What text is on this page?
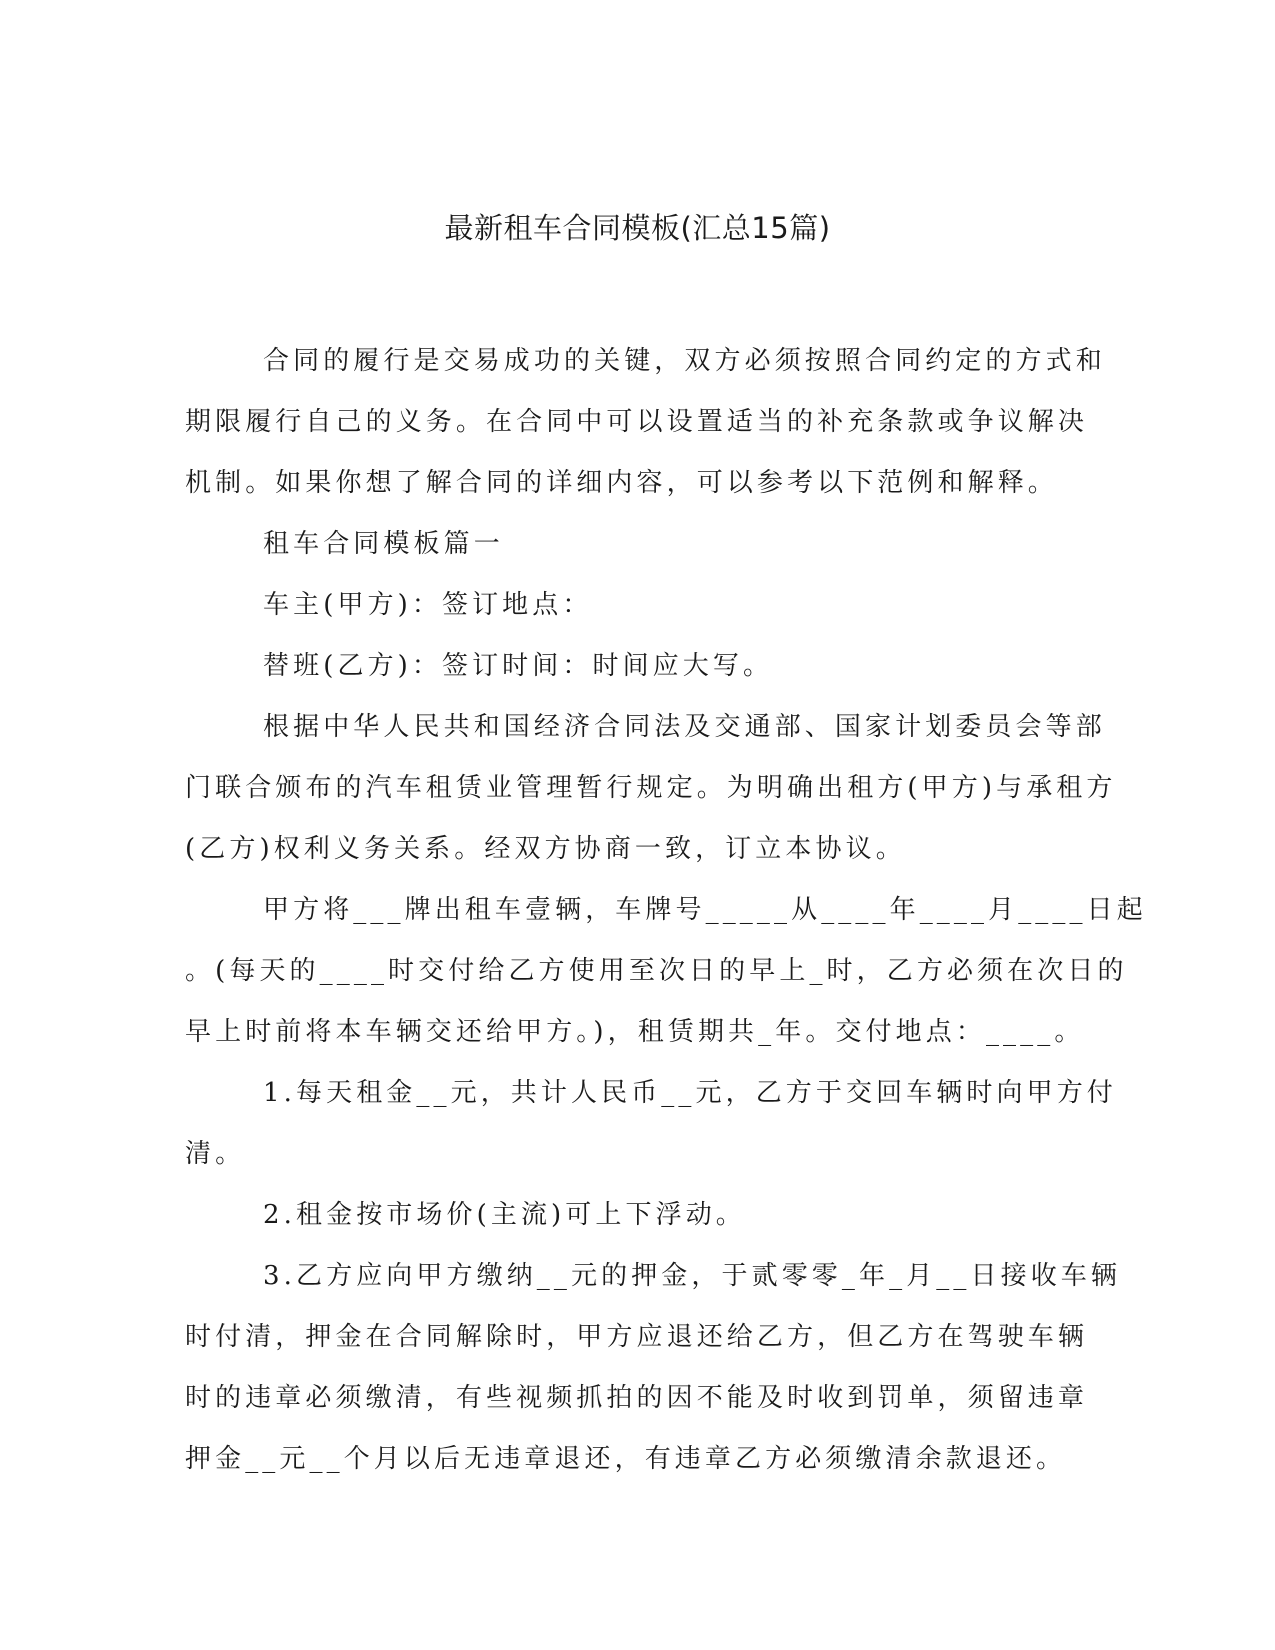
最新租车合同模板(汇总15篇)

合同的履行是交易成功的关键，双方必须按照合同约定的方式和
期限履行自己的义务。在合同中可以设置适当的补充条款或争议解决
机制。如果你想了解合同的详细内容，可以参考以下范例和解释。

租车合同模板篇一

车主(甲方)：签订地点：

替班(乙方)：签订时间：时间应大写。

根据中华人民共和国经济合同法及交通部、国家计划委员会等部
门联合颁布的汽车租赁业管理暂行规定。为明确出租方(甲方)与承租方
(乙方)权利义务关系。经双方协商一致，订立本协议。

甲方将___牌出租车壹辆，车牌号_____从____年____月____日起
。(每天的____时交付给乙方使用至次日的早上_时，乙方必须在次日的
早上时前将本车辆交还给甲方。)，租赁期共_年。交付地点：____。

1.每天租金__元，共计人民币__元，乙方于交回车辆时向甲方付
清。

2.租金按市场价(主流)可上下浮动。

3.乙方应向甲方缴纳__元的押金，于贰零零_年_月__日接收车辆
时付清，押金在合同解除时，甲方应退还给乙方，但乙方在驾驶车辆
时的违章必须缴清，有些视频抓拍的因不能及时收到罚单，须留违章
押金__元__个月以后无违章退还，有违章乙方必须缴清余款退还。
